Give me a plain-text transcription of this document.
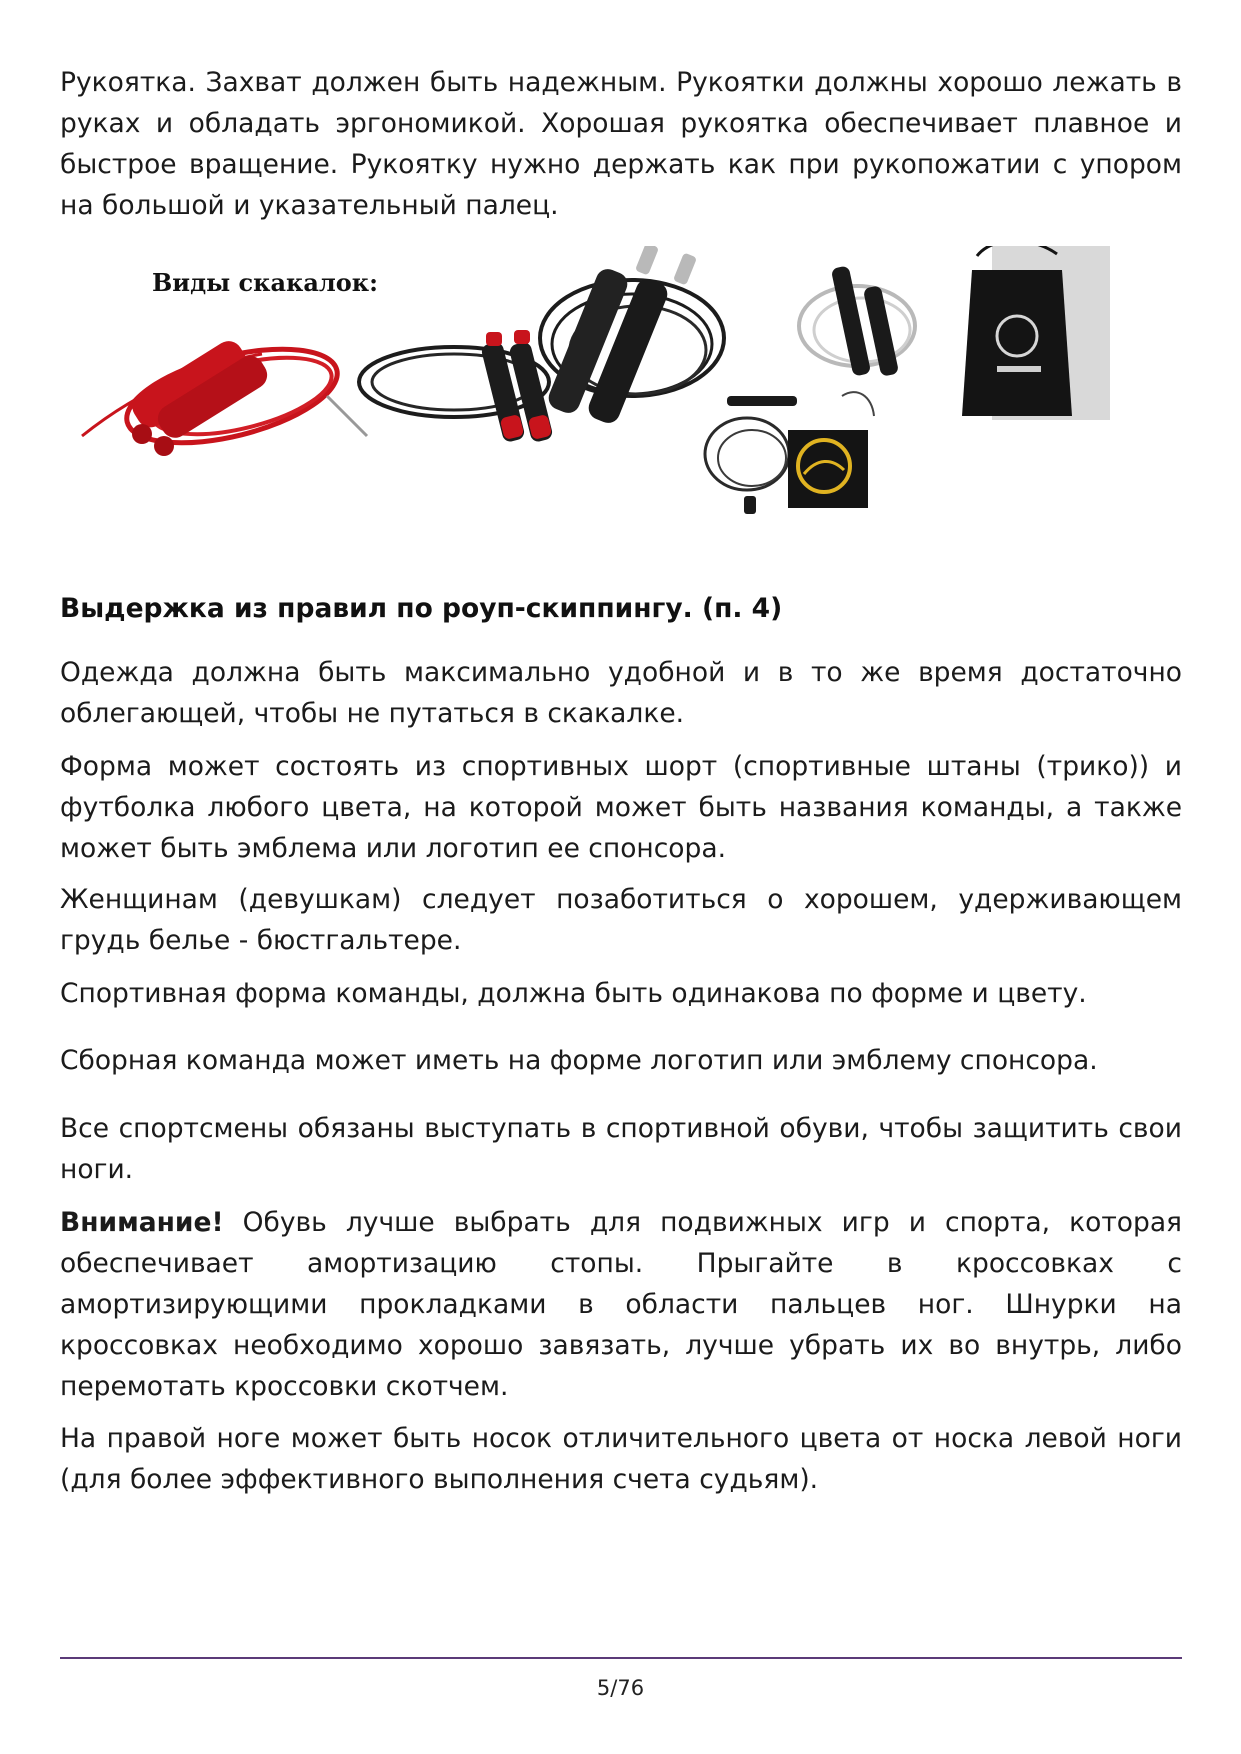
Рукоятка. Захват должен быть надежным. Рукоятки должны хорошо лежать в руках и обладать эргономикой. Хорошая рукоятка обеспечивает плавное и быстрое вращение. Рукоятку нужно держать как при рукопожатии с упором на большой и указательный палец.

Виды скакалок:

Выдержка из правил по роуп-скиппингу. (п. 4)

Одежда должна быть максимально удобной и в то же время достаточно облегающей, чтобы не путаться в скакалке.

Форма может состоять из спортивных шорт (спортивные штаны (трико)) и футболка любого цвета, на которой может быть названия команды, а также может быть эмблема или логотип ее спонсора.

Женщинам (девушкам) следует позаботиться о хорошем, удерживающем грудь белье - бюстгальтере.

Спортивная форма команды, должна быть одинакова по форме и цвету.

Сборная команда может иметь на форме логотип или эмблему спонсора.

Все спортсмены обязаны выступать в спортивной обуви, чтобы защитить свои ноги.

Внимание! Обувь лучше выбрать для подвижных игр и спорта, которая обеспечивает амортизацию стопы. Прыгайте в кроссовках с амортизирующими прокладками в области пальцев ног. Шнурки на кроссовках необходимо хорошо завязать, лучше убрать их во внутрь, либо перемотать кроссовки скотчем.

На правой ноге может быть носок отличительного цвета от носка левой ноги (для более эффективного выполнения счета судьям).

5/76
